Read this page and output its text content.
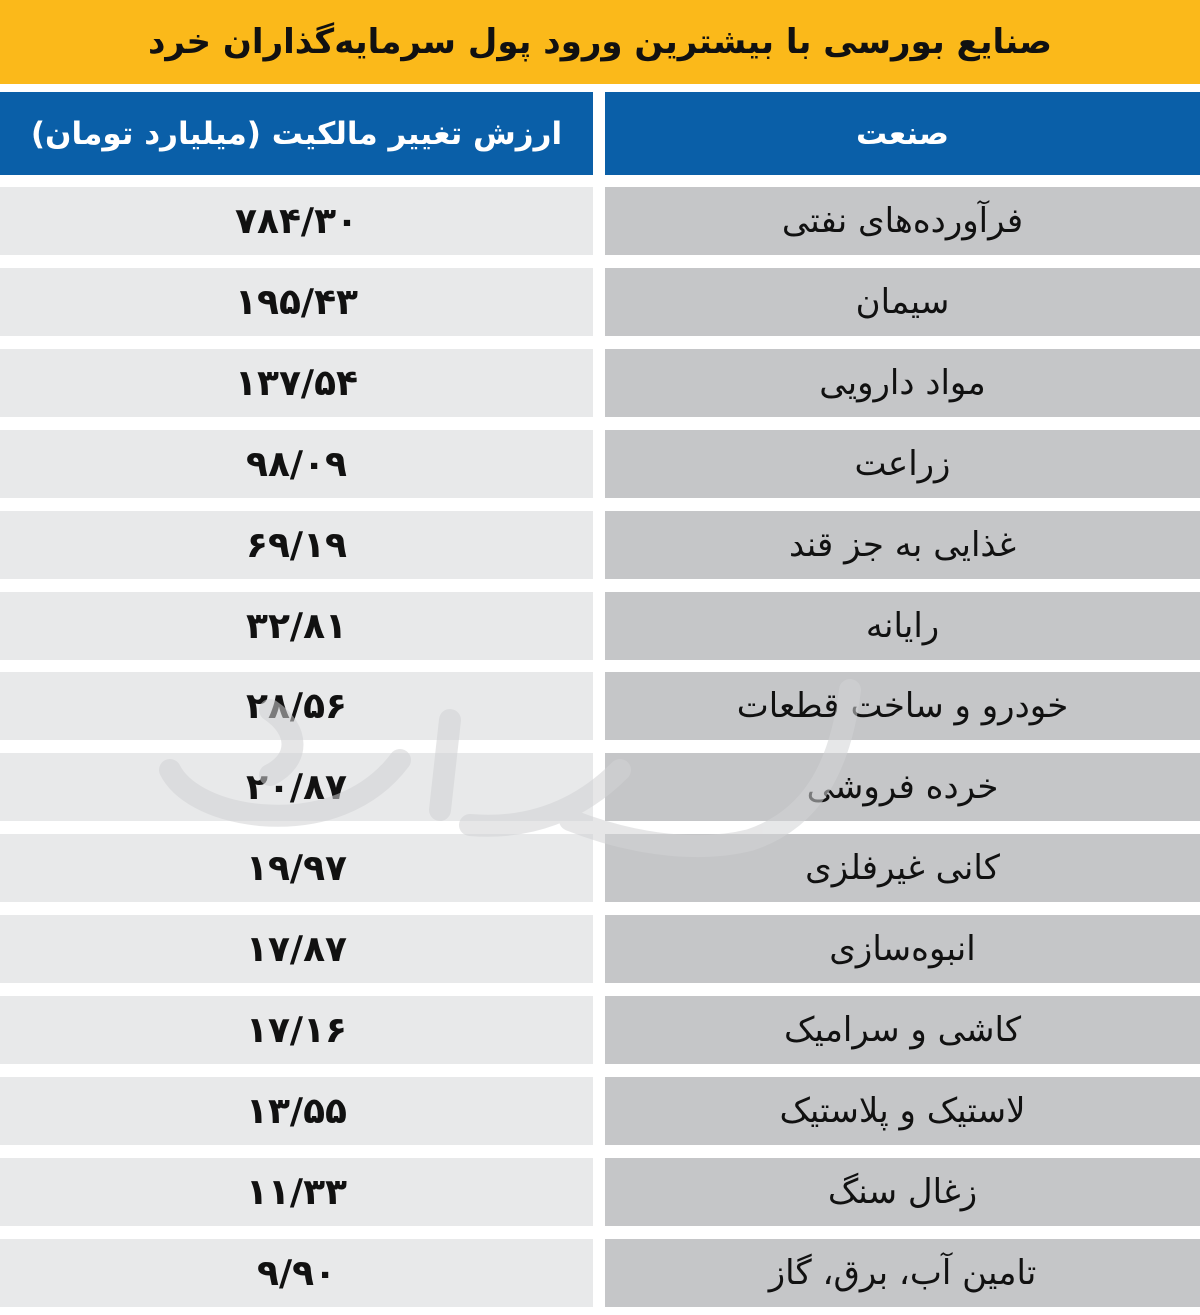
صنایع بورسی با بیشترین ورود پول سرمایه‌گذاران خرد
ارزش تغییر مالکیت (میلیارد تومان)	صنعت
۷۸۴/۳۰	فرآورده‌های نفتی
۱۹۵/۴۳	سیمان
۱۳۷/۵۴	مواد دارویی
۹۸/۰۹	زراعت
۶۹/۱۹	غذایی به جز قند
۳۲/۸۱	رایانه
۲۸/۵۶	خودرو و ساخت قطعات
۲۰/۸۷	خرده فروشی
۱۹/۹۷	کانی غیرفلزی
۱۷/۸۷	انبوه‌سازی
۱۷/۱۶	کاشی و سرامیک
۱۳/۵۵	لاستیک و پلاستیک
۱۱/۳۳	زغال سنگ
۹/۹۰	تامین آب، برق، گاز
